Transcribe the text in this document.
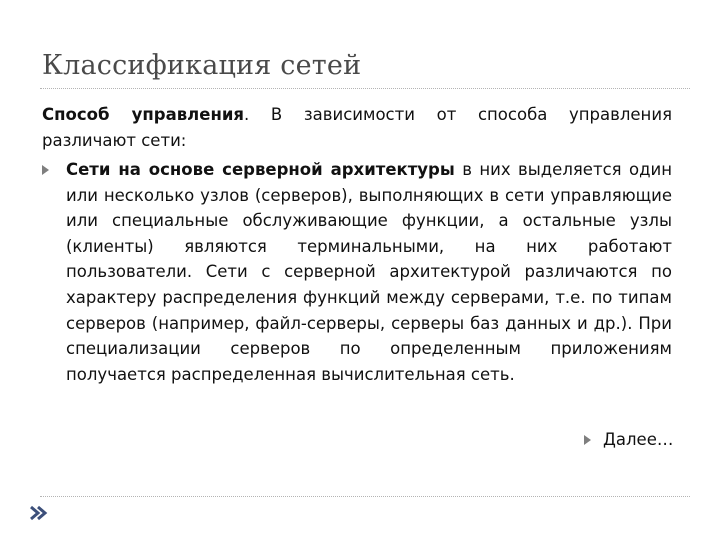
Классификация сетей
Способ управления. В зависимости от способа управления различают сети:
Сети на основе серверной архитектуры в них выделяется один или несколько узлов (серверов), выполняющих в сети управляющие или специальные обслуживающие функции, а остальные узлы (клиенты) являются терминальными, на них работают пользователи. Сети с серверной архитектурой различаются по характеру распределения функций между серверами, т.е. по типам серверов (например, файл-серверы, серверы баз данных и др.). При специализации серверов по определенным приложениям получается распределенная вычислительная сеть.
Далее…
